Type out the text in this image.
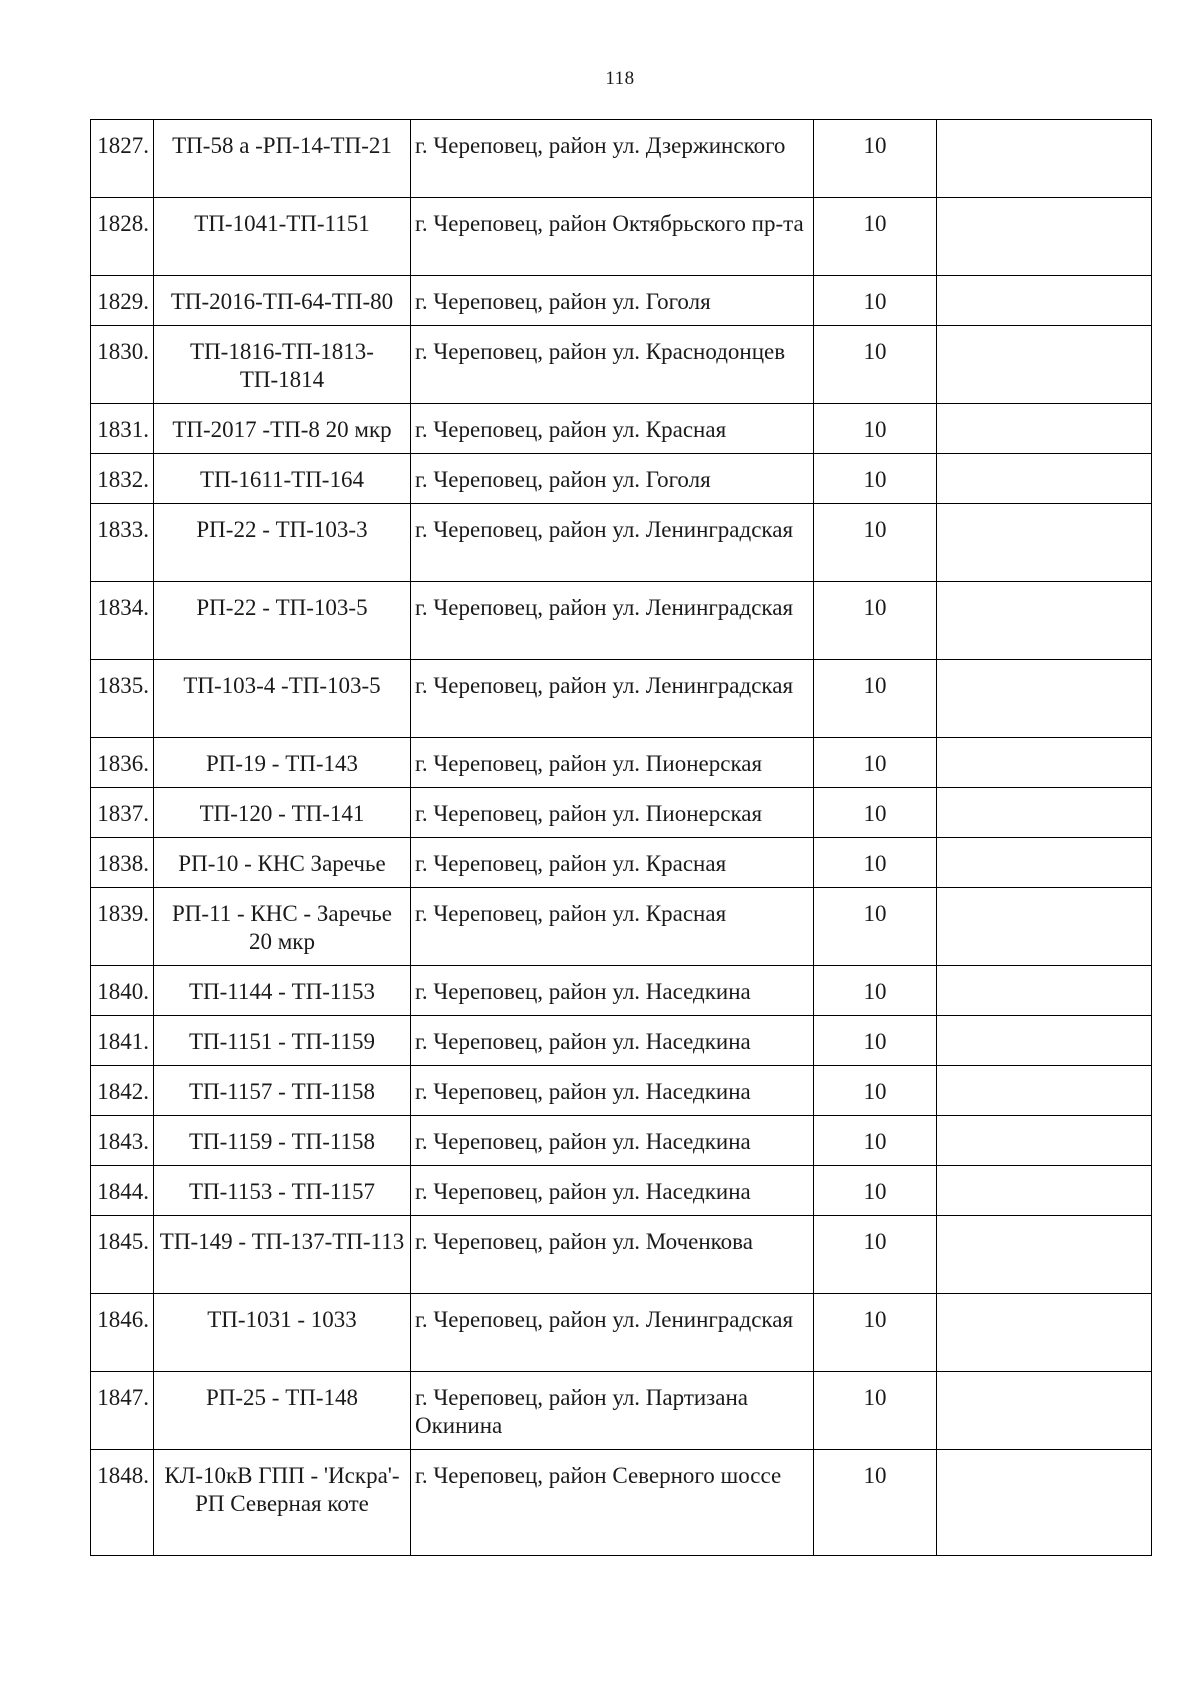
118
1827.	ТП-58 а -РП-14-ТП-21	г. Череповец, район ул. Дзержинского	10	
1828.	ТП-1041-ТП-1151	г. Череповец, район Октябрьского пр-та	10	
1829.	ТП-2016-ТП-64-ТП-80	г. Череповец, район ул. Гоголя	10	
1830.	ТП-1816-ТП-1813-ТП-1814	г. Череповец, район ул. Краснодонцев	10	
1831.	ТП-2017 -ТП-8 20 мкр	г. Череповец, район ул. Красная	10	
1832.	ТП-1611-ТП-164	г. Череповец, район ул. Гоголя	10	
1833.	РП-22 - ТП-103-3	г. Череповец, район ул. Ленинградская	10	
1834.	РП-22 - ТП-103-5	г. Череповец, район ул. Ленинградская	10	
1835.	ТП-103-4 -ТП-103-5	г. Череповец, район ул. Ленинградская	10	
1836.	РП-19 - ТП-143	г. Череповец, район ул. Пионерская	10	
1837.	ТП-120 - ТП-141	г. Череповец, район ул. Пионерская	10	
1838.	РП-10 - КНС Заречье	г. Череповец, район ул. Красная	10	
1839.	РП-11 - КНС - Заречье 20 мкр	г. Череповец, район ул. Красная	10	
1840.	ТП-1144 - ТП-1153	г. Череповец, район ул. Наседкина	10	
1841.	ТП-1151 - ТП-1159	г. Череповец, район ул. Наседкина	10	
1842.	ТП-1157 - ТП-1158	г. Череповец, район ул. Наседкина	10	
1843.	ТП-1159 - ТП-1158	г. Череповец, район ул. Наседкина	10	
1844.	ТП-1153 - ТП-1157	г. Череповец, район ул. Наседкина	10	
1845.	ТП-149 - ТП-137-ТП-113	г. Череповец, район ул. Моченкова	10	
1846.	ТП-1031 - 1033	г. Череповец, район ул. Ленинградская	10	
1847.	РП-25 - ТП-148	г. Череповец, район ул. Партизана Окинина	10	
1848.	КЛ-10кВ ГПП - 'Искра'- РП Северная коте	г. Череповец, район Северного шоссе	10	
